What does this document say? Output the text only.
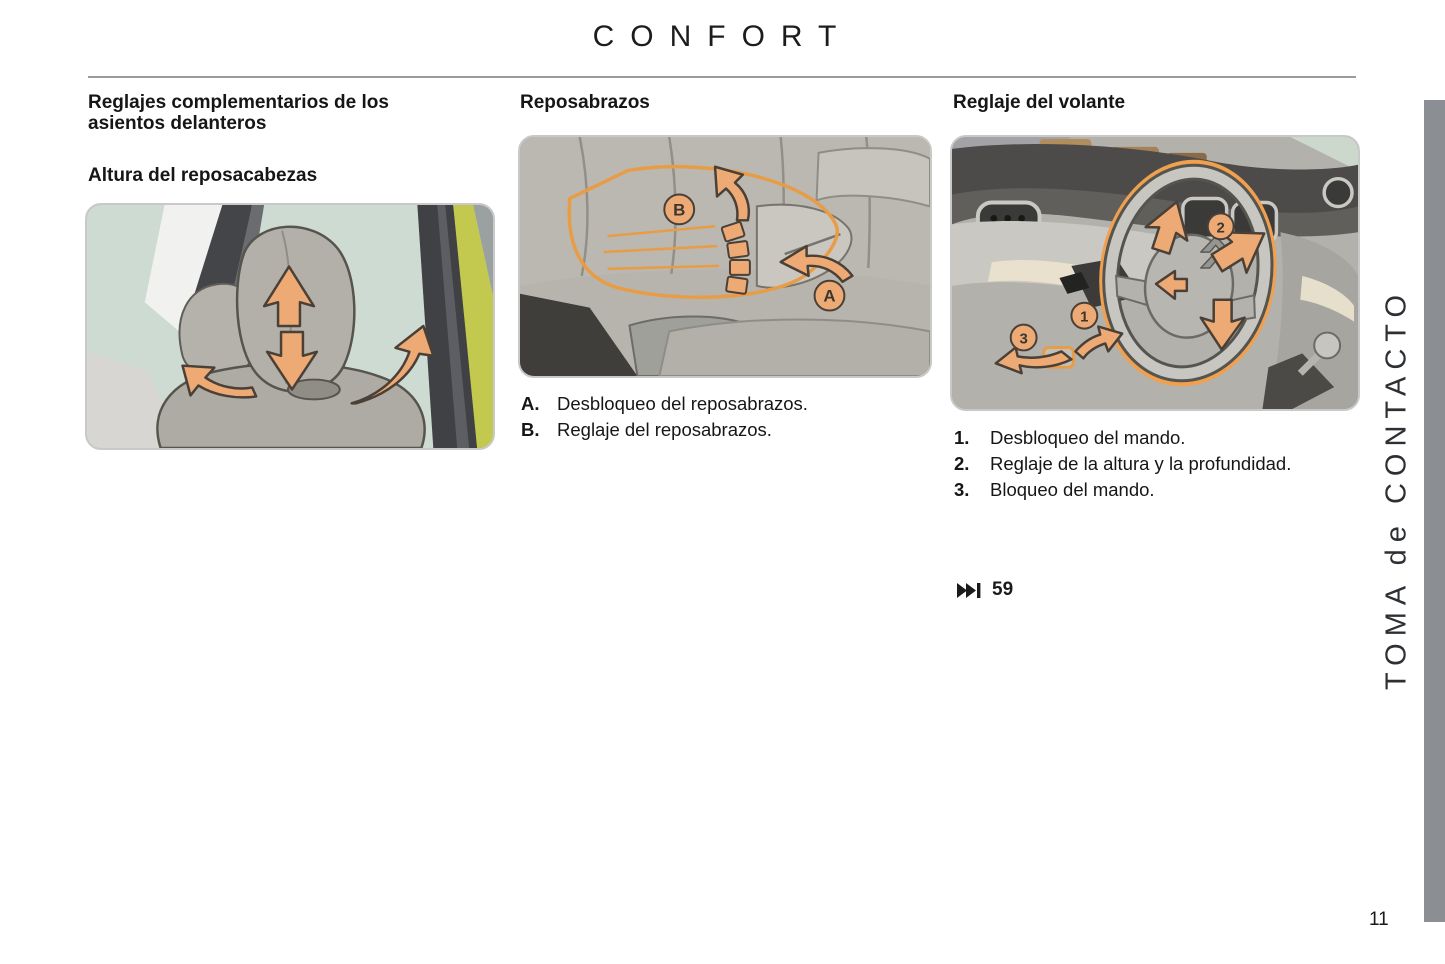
CONFORT
Reglajes complementarios de los asientos delanteros
Altura del reposacabezas
Reposabrazos
B
A
A. Desbloqueo del reposabrazos.
B. Reglaje del reposabrazos.
Reglaje del volante
2
1
3
1.	Desbloqueo del mando.
2.	Reglaje de la altura y la profundidad.
3.	Bloqueo del mando.
59	TOMA de CONTACTO
11
